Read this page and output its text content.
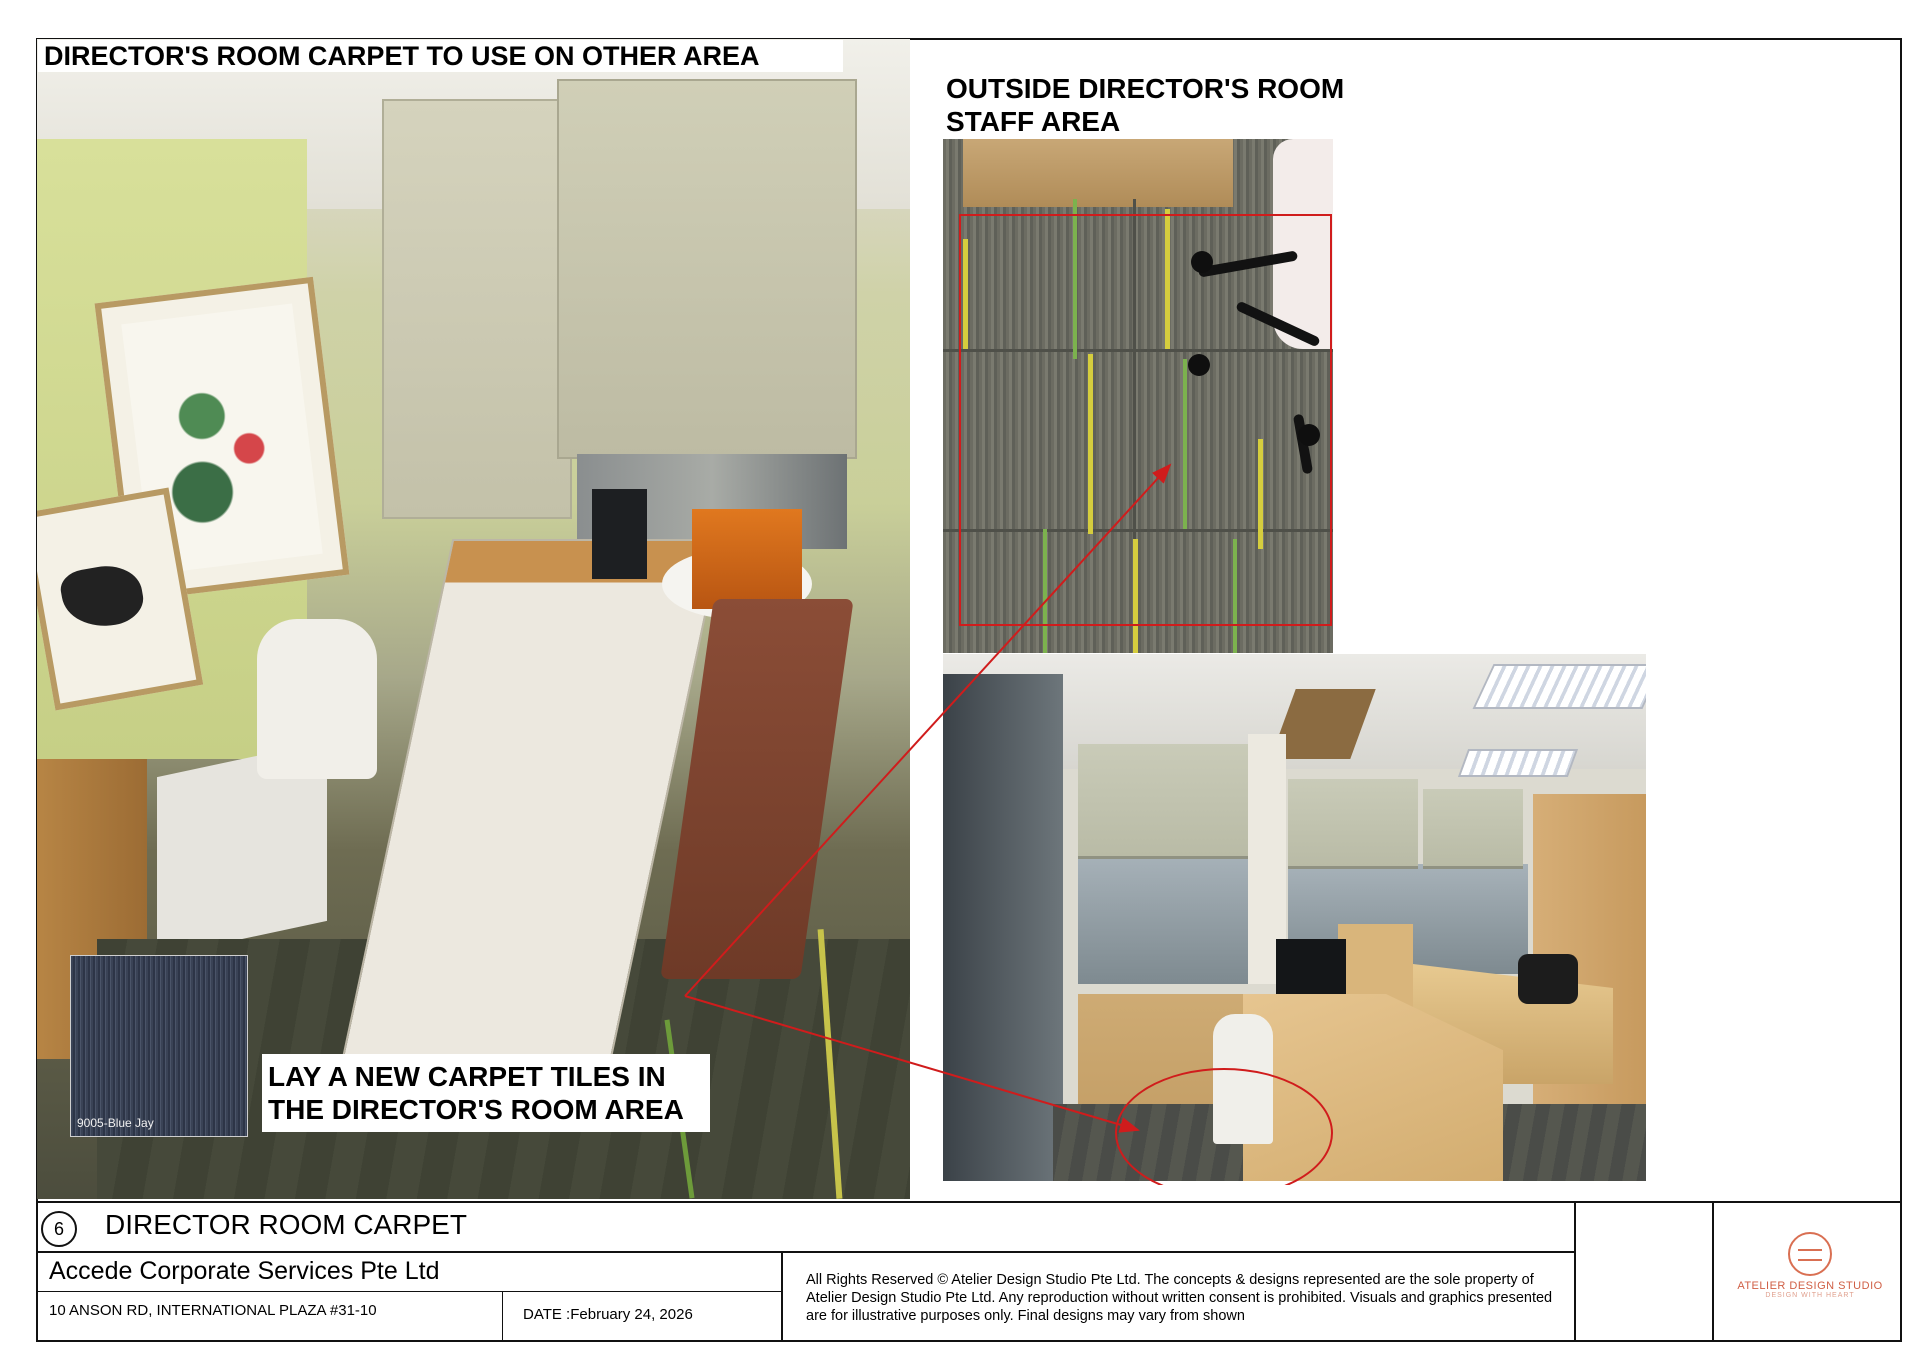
DIRECTOR'S ROOM CARPET TO USE ON OTHER AREA
9005-Blue Jay
LAY A NEW CARPET TILES IN
THE DIRECTOR'S ROOM AREA
OUTSIDE DIRECTOR'S ROOM
STAFF AREA
6	DIRECTOR ROOM CARPET
Accede Corporate Services Pte Ltd
10 ANSON RD, INTERNATIONAL PLAZA #31-10	DATE :February 24, 2026
All Rights Reserved © Atelier Design Studio Pte Ltd. The concepts & designs represented are the sole property of Atelier Design Studio Pte Ltd. Any reproduction without written consent is prohibited. Visuals and graphics presented are for illustrative purposes only. Final designs may vary from shown
ATELIER DESIGN STUDIO
DESIGN WITH HEART
